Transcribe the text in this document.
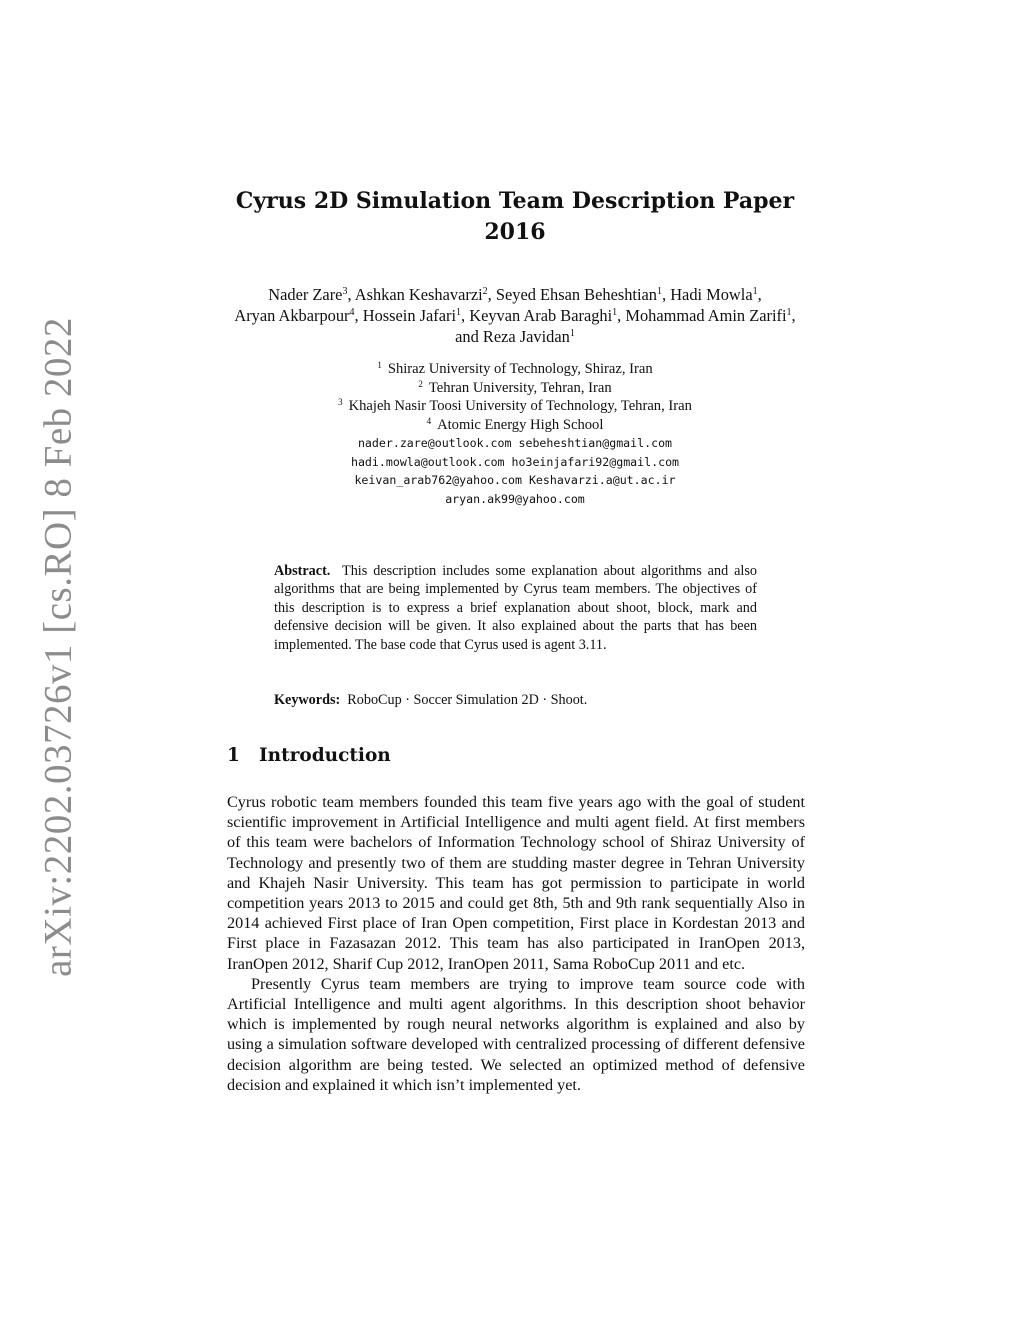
arXiv:2202.03726v1 [cs.RO] 8 Feb 2022
Cyrus 2D Simulation Team Description Paper
2016
Nader Zare$^3$, Ashkan Keshavarzi$^2$, Seyed Ehsan Beheshtian$^1$, Hadi Mowla$^1$,
Aryan Akbarpour$^4$, Hossein Jafari$^1$, Keyvan Arab Baraghi$^1$, Mohammad Amin Zarifi$^1$, and Reza Javidan$^1$
$^1$ Shiraz University of Technology, Shiraz, Iran
$^2$ Tehran University, Tehran, Iran
$^3$ Khajeh Nasir Toosi University of Technology, Tehran, Iran
$^4$ Atomic Energy High School
nader.zare@outlook.com sebeheshtian@gmail.com
hadi.mowla@outlook.com ho3einjafari92@gmail.com
keivan_arab762@yahoo.com Keshavarzi.a@ut.ac.ir
aryan.ak99@yahoo.com
Abstract. This description includes some explanation about algorithms and also algorithms that are being implemented by Cyrus team members. The objectives of this description is to express a brief explanation about shoot, block, mark and defensive decision will be given. It also explained about the parts that has been implemented. The base code that Cyrus used is agent 3.11.
Keywords: RoboCup · Soccer Simulation 2D · Shoot.
1 Introduction

Cyrus robotic team members founded this team five years ago with the goal of student scientific improvement in Artificial Intelligence and multi agent field. At first members of this team were bachelors of Information Technology school of Shiraz University of Technology and presently two of them are studding master degree in Tehran University and Khajeh Nasir University. This team has got permission to participate in world competition years 2013 to 2015 and could get 8th, 5th and 9th rank sequentially Also in 2014 achieved First place of Iran Open competition, First place in Kordestan 2013 and First place in Fazasazan 2012. This team has also participated in IranOpen 2013, IranOpen 2012, Sharif Cup 2012, IranOpen 2011, Sama RoboCup 2011 and etc.

Presently Cyrus team members are trying to improve team source code with Artificial Intelligence and multi agent algorithms. In this description shoot behavior which is implemented by rough neural networks algorithm is explained and also by using a simulation software developed with centralized processing of different defensive decision algorithm are being tested. We selected an optimized method of defensive decision and explained it which isn’t implemented yet.
